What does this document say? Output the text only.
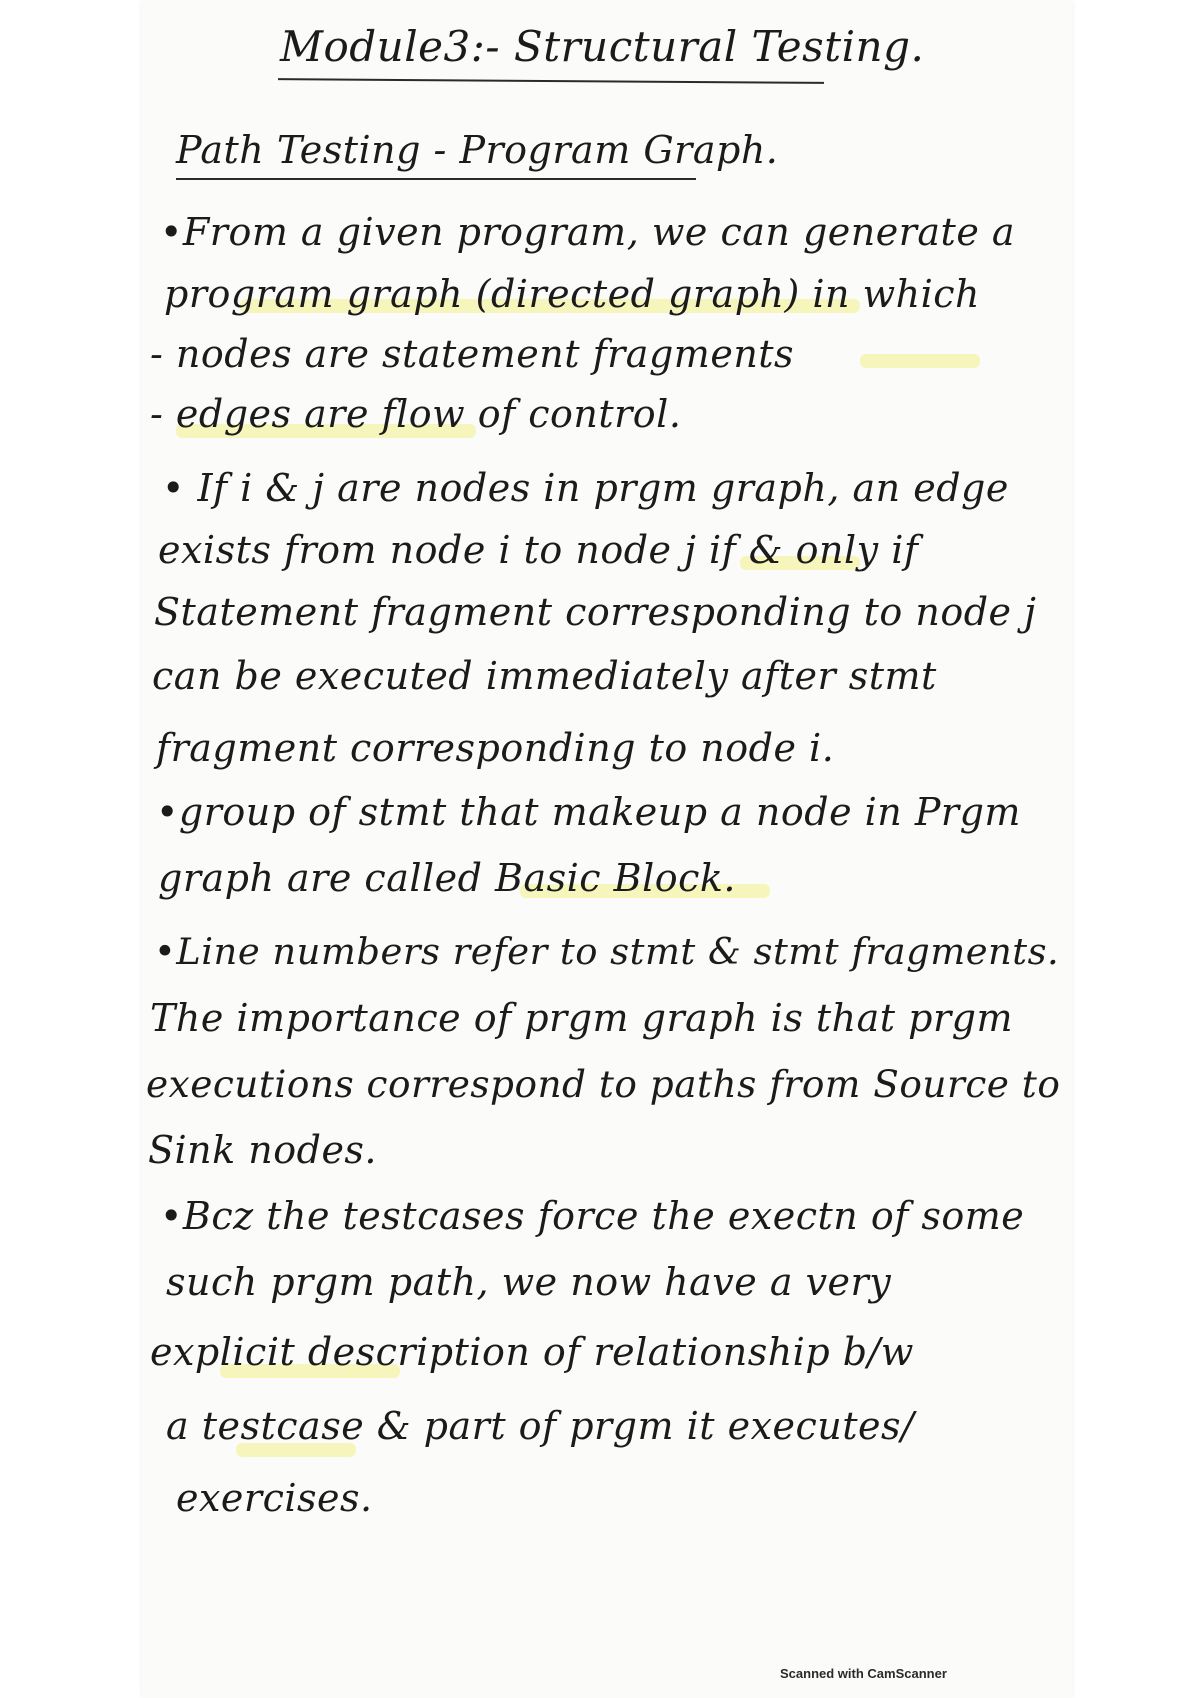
Module3:- Structural Testing.
Path Testing - Program Graph.
•From a given program, we can generate a
program graph (directed graph) in which
- nodes are statement fragments
- edges are flow of control.
• If i & j are nodes in prgm graph, an edge
exists from node i to node j if & only if
Statement fragment corresponding to node j
can be executed immediately after stmt
fragment corresponding to node i.
•group of stmt that makeup a node in Prgm
graph are called Basic Block.
•Line numbers refer to stmt & stmt fragments.
The importance of prgm graph is that prgm
executions correspond to paths from Source to
Sink nodes.
•Bcz the testcases force the exectn of some
such prgm path, we now have a very
explicit description of relationship b/w
a testcase & part of prgm it executes/
exercises.
Scanned with CamScanner
